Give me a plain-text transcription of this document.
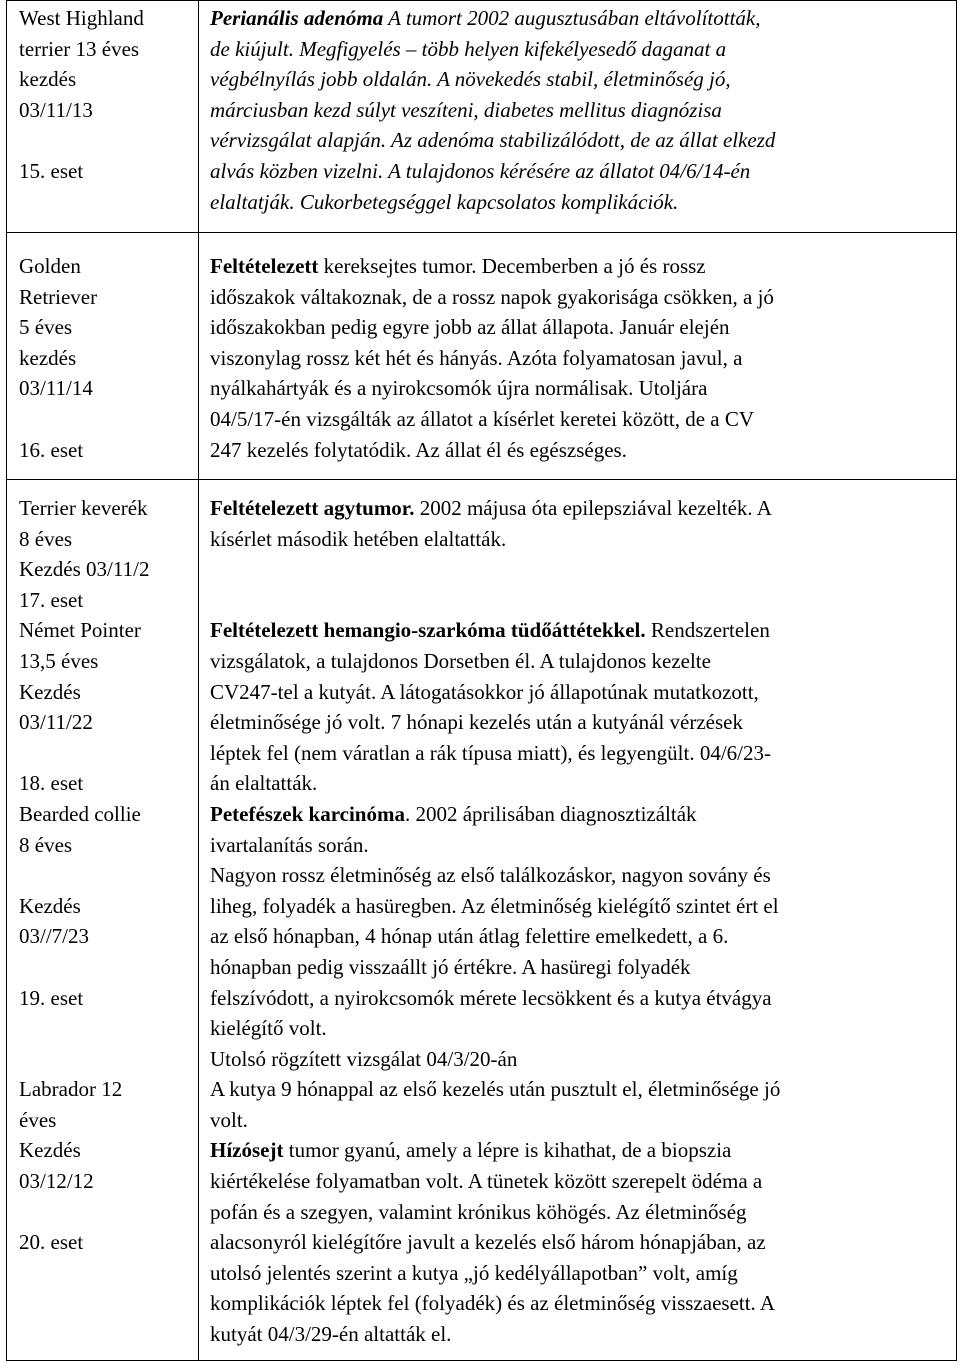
West Highland
terrier 13 éves
kezdés
03/11/13
15. eset
Perianális adenóma A tumort 2002 augusztusában eltávolították,
de kiújult. Megfigyelés – több helyen kifekélyesedő daganat a
végbélnyílás jobb oldalán. A növekedés stabil, életminőség jó,
márciusban kezd súlyt veszíteni, diabetes mellitus diagnózisa
vérvizsgálat alapján. Az adenóma stabilizálódott, de az állat elkezd
alvás közben vizelni. A tulajdonos kérésére az állatot 04/6/14-én
elaltatják. Cukorbetegséggel kapcsolatos komplikációk.
Golden
Retriever
5 éves
kezdés
03/11/14
16. eset
Feltételezett kereksejtes tumor. Decemberben a jó és rossz
időszakok váltakoznak, de a rossz napok gyakorisága csökken, a jó
időszakokban pedig egyre jobb az állat állapota. Január elején
viszonylag rossz két hét és hányás. Azóta folyamatosan javul, a
nyálkahártyák és a nyirokcsomók újra normálisak. Utoljára
04/5/17-én vizsgálták az állatot a kísérlet keretei között, de a CV
247 kezelés folytatódik. Az állat él és egészséges.
Terrier keverék
8 éves
Kezdés 03/11/2
17. eset
Német Pointer
13,5 éves
Kezdés
03/11/22
18. eset
Bearded collie
8 éves
Kezdés
03//7/23
19. eset
Labrador 12
éves
Kezdés
03/12/12
20. eset
Feltételezett agytumor. 2002 májusa óta epilepsziával kezelték. A
kísérlet második hetében elaltatták.
Feltételezett hemangio-szarkóma tüdőáttétekkel. Rendszertelen
vizsgálatok, a tulajdonos Dorsetben él. A tulajdonos kezelte
CV247-tel a kutyát. A látogatásokkor jó állapotúnak mutatkozott,
életminősége jó volt. 7 hónapi kezelés után a kutyánál vérzések
léptek fel (nem váratlan a rák típusa miatt), és legyengült. 04/6/23-
án elaltatták.
Petefészek karcinóma. 2002 áprilisában diagnosztizálták
ivartalanítás során.
Nagyon rossz életminőség az első találkozáskor, nagyon sovány és
liheg, folyadék a hasüregben. Az életminőség kielégítő szintet ért el
az első hónapban, 4 hónap után átlag felettire emelkedett, a 6.
hónapban pedig visszaállt jó értékre. A hasüregi folyadék
felszívódott, a nyirokcsomók mérete lecsökkent és a kutya étvágya
kielégítő volt.
Utolsó rögzített vizsgálat 04/3/20-án
A kutya 9 hónappal az első kezelés után pusztult el, életminősége jó
volt.
Hízósejt tumor gyanú, amely a lépre is kihathat, de a biopszia
kiértékelése folyamatban volt. A tünetek között szerepelt ödéma a
pofán és a szegyen, valamint krónikus köhögés. Az életminőség
alacsonyról kielégítőre javult a kezelés első három hónapjában, az
utolsó jelentés szerint a kutya „jó kedélyállapotban” volt, amíg
komplikációk léptek fel (folyadék) és az életminőség visszaesett. A
kutyát 04/3/29-én altatták el.
